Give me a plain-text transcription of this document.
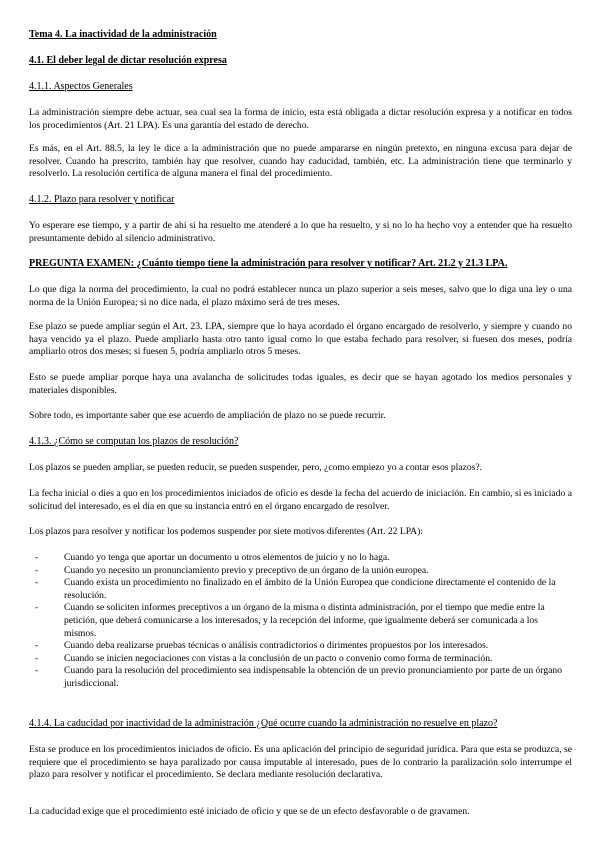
Tema 4. La inactividad de la administración

4.1. El deber legal de dictar resolución expresa

4.1.1. Aspectos Generales

La administración siempre debe actuar, sea cual sea la forma de inicio, esta está obligada a dictar resolución expresa y a notificar en todos los procedimientos (Art. 21 LPA). Es una garantía del estado de derecho.

Es más, en el Art. 88.5, la ley le dice a la administración que no puede ampararse en ningún pretexto, en ninguna excusa para dejar de resolver. Cuando ha prescrito, también hay que resolver, cuando hay caducidad, también, etc. La administración tiene que terminarlo y resolverlo. La resolución certifica de alguna manera el final del procedimiento.

4.1.2. Plazo para resolver y notificar

Yo esperare ese tiempo, y a partir de ahí si ha resuelto me atenderé a lo que ha resuelto, y si no lo ha hecho voy a entender que ha resuelto presuntamente debido al silencio administrativo.

PREGUNTA EXAMEN: ¿Cuánto tiempo tiene la administración para resolver y notificar? Art. 21.2 y 21.3 LPA.

Lo que diga la norma del procedimiento, la cual no podrá establecer nunca un plazo superior a seis meses, salvo que lo diga una ley o una norma de la Unión Europea; si no dice nada, el plazo máximo será de tres meses.

Ese plazo se puede ampliar según el Art. 23. LPA, siempre que lo haya acordado el órgano encargado de resolverlo, y siempre y cuando no haya vencido ya el plazo. Puede ampliarlo hasta otro tanto igual como lo que estaba fechado para resolver, si fuesen dos meses, podría ampliarlo otros dos meses; si fuesen 5, podría ampliarlo otros 5 meses.

Esto se puede ampliar porque haya una avalancha de solicitudes todas iguales, es decir que se hayan agotado los medios personales y materiales disponibles.

Sobre todo, es importante saber que ese acuerdo de ampliación de plazo no se puede recurrir.

4.1.3. ¿Cómo se computan los plazos de resolución?

Los plazos se pueden ampliar, se pueden reducir, se pueden suspender, pero, ¿como empiezo yo a contar esos plazos?.

La fecha inicial o dies a quo en los procedimientos iniciados de oficio es desde la fecha del acuerdo de iniciación. En cambio, si es iniciado a solicitud del interesado, es el día en que su instancia entró en el órgano encargado de resolver.

Los plazos para resolver y notificar los podemos suspender por siete motivos diferentes (Art. 22 LPA):

-	Cuando yo tenga que aportar un documento u otros elementos de juicio y no lo haga.
-	Cuando yo necesito un pronunciamiento previo y preceptivo de un órgano de la unión europea.
-	Cuando exista un procedimiento no finalizado en el ámbito de la Unión Europea que condicione directamente el contenido de la resolución.
-	Cuando se soliciten informes preceptivos a un órgano de la misma o distinta administración, por el tiempo que medie entre la petición, que deberá comunicarse a los interesados, y la recepción del informe, que igualmente deberá ser comunicada a los mismos.
-	Cuando deba realizarse pruebas técnicas o análisis contradictorios o dirimentes propuestos por los interesados.
-	Cuando se inicien negociaciones con vistas a la conclusión de un pacto o convenio como forma de terminación.
-	Cuando para la resolución del procedimiento sea indispensable la obtención de un previo pronunciamiento por parte de un órgano jurisdiccional.

4.1.4. La caducidad por inactividad de la administración ¿Qué ocurre cuando la administración no resuelve en plazo?

Esta se produce en los procedimientos iniciados de oficio. Es una aplicación del principio de seguridad jurídica. Para que esta se produzca, se requiere que el procedimiento se haya paralizado por causa imputable al interesado, pues de lo contrario la paralización solo interrumpe el plazo para resolver y notificar el procedimiento. Se declara mediante resolución declarativa.

La caducidad exige que el procedimiento esté iniciado de oficio y que se de un efecto desfavorable o de gravamen.
